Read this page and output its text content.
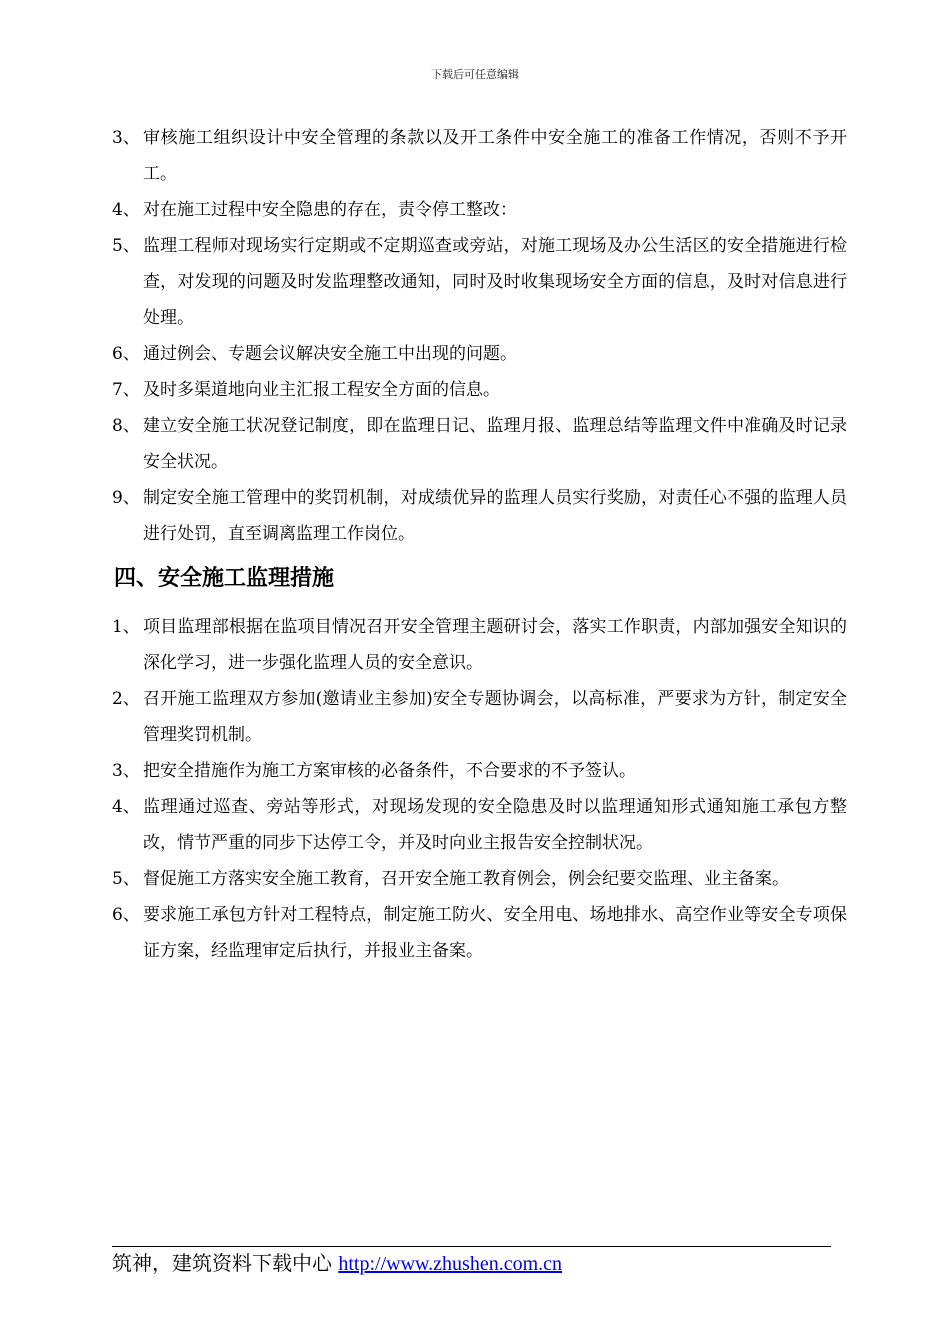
下载后可任意编辑
3、 审核施工组织设计中安全管理的条款以及开工条件中安全施工的准备工作情况，否则不予开工。
4、 对在施工过程中安全隐患的存在，责令停工整改：
5、 监理工程师对现场实行定期或不定期巡查或旁站，对施工现场及办公生活区的安全措施进行检查，对发现的问题及时发监理整改通知，同时及时收集现场安全方面的信息，及时对信息进行处理。
6、 通过例会、专题会议解决安全施工中出现的问题。
7、 及时多渠道地向业主汇报工程安全方面的信息。
8、 建立安全施工状况登记制度，即在监理日记、监理月报、监理总结等监理文件中准确及时记录安全状况。
9、 制定安全施工管理中的奖罚机制，对成绩优异的监理人员实行奖励，对责任心不强的监理人员进行处罚，直至调离监理工作岗位。
四、安全施工监理措施
1、 项目监理部根据在监项目情况召开安全管理主题研讨会，落实工作职责，内部加强安全知识的深化学习，进一步强化监理人员的安全意识。
2、 召开施工监理双方参加(邀请业主参加)安全专题协调会，以高标准，严要求为方针，制定安全管理奖罚机制。
3、 把安全措施作为施工方案审核的必备条件，不合要求的不予签认。
4、 监理通过巡查、旁站等形式，对现场发现的安全隐患及时以监理通知形式通知施工承包方整改，情节严重的同步下达停工令，并及时向业主报告安全控制状况。
5、 督促施工方落实安全施工教育，召开安全施工教育例会，例会纪要交监理、业主备案。
6、 要求施工承包方针对工程特点，制定施工防火、安全用电、场地排水、高空作业等安全专项保证方案，经监理审定后执行，并报业主备案。
筑神，建筑资料下载中心 http://www.zhushen.com.cn
